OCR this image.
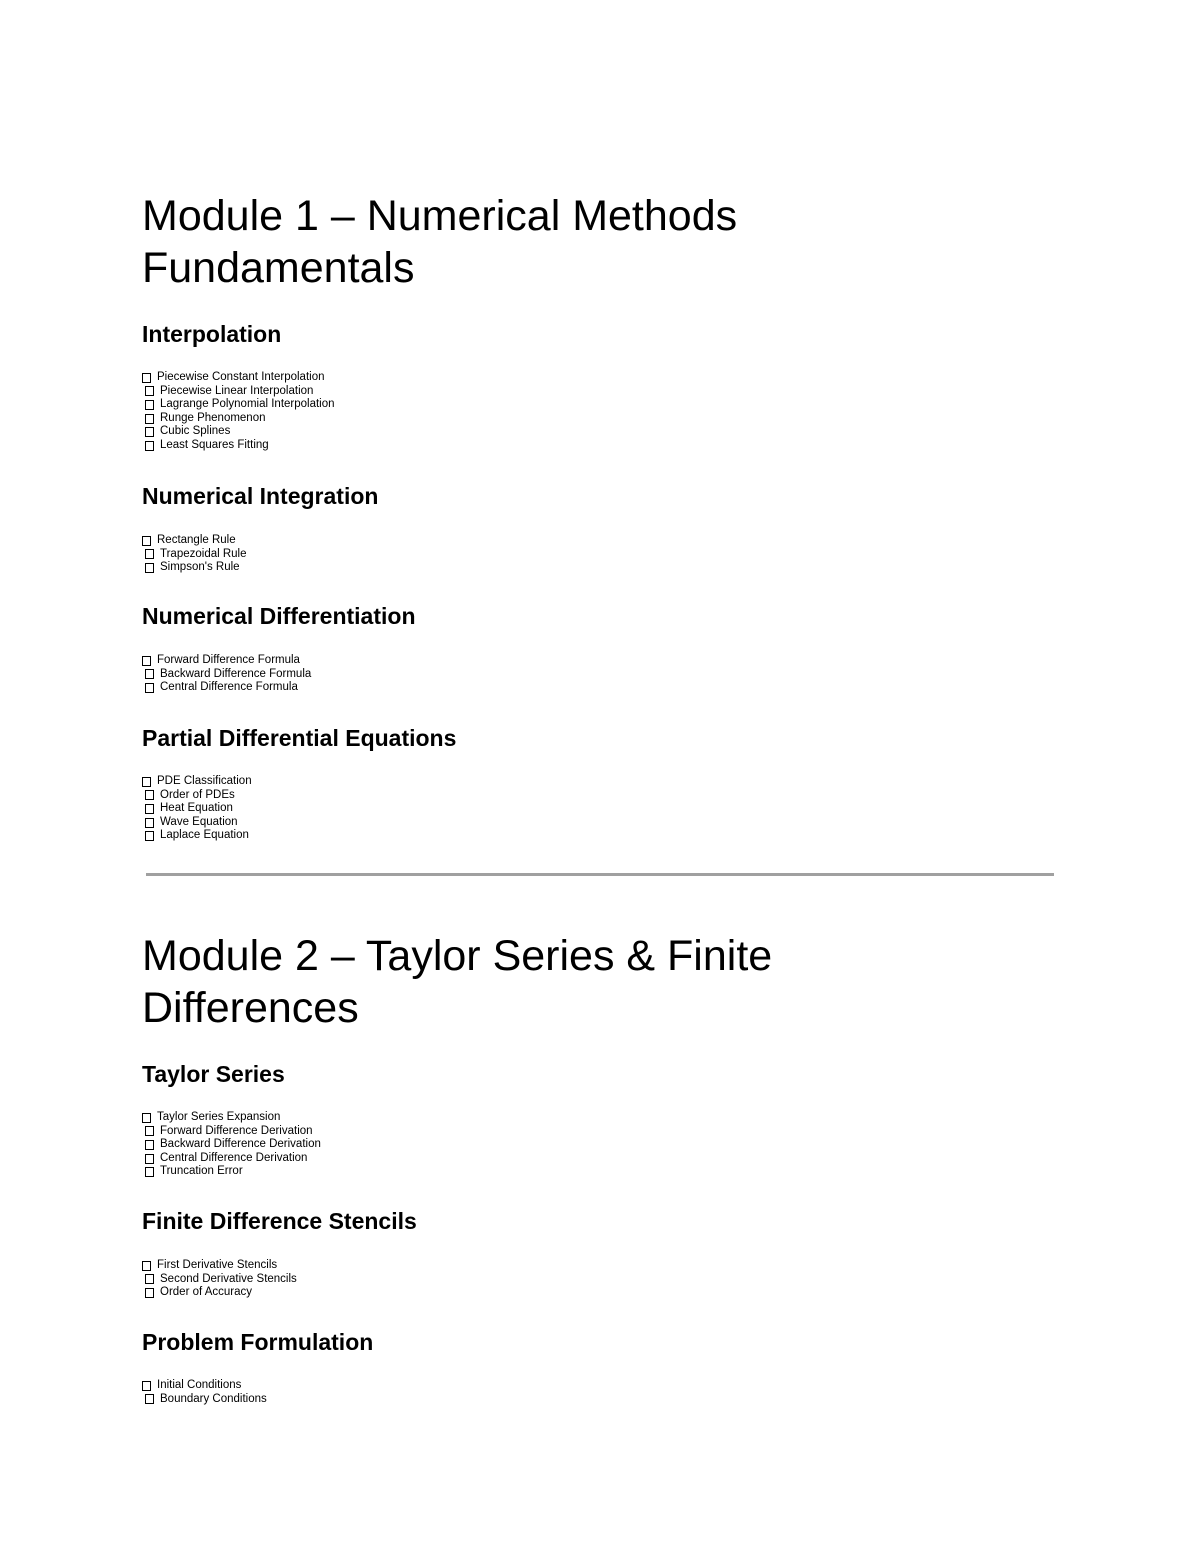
Module 1 – Numerical Methods
Fundamentals
Interpolation
Piecewise Constant Interpolation
Piecewise Linear Interpolation
Lagrange Polynomial Interpolation
Runge Phenomenon
Cubic Splines
Least Squares Fitting
Numerical Integration
Rectangle Rule
Trapezoidal Rule
Simpson's Rule
Numerical Differentiation
Forward Difference Formula
Backward Difference Formula
Central Difference Formula
Partial Differential Equations
PDE Classification
Order of PDEs
Heat Equation
Wave Equation
Laplace Equation
Module 2 – Taylor Series & Finite
Differences
Taylor Series
Taylor Series Expansion
Forward Difference Derivation
Backward Difference Derivation
Central Difference Derivation
Truncation Error
Finite Difference Stencils
First Derivative Stencils
Second Derivative Stencils
Order of Accuracy
Problem Formulation
Initial Conditions
Boundary Conditions
